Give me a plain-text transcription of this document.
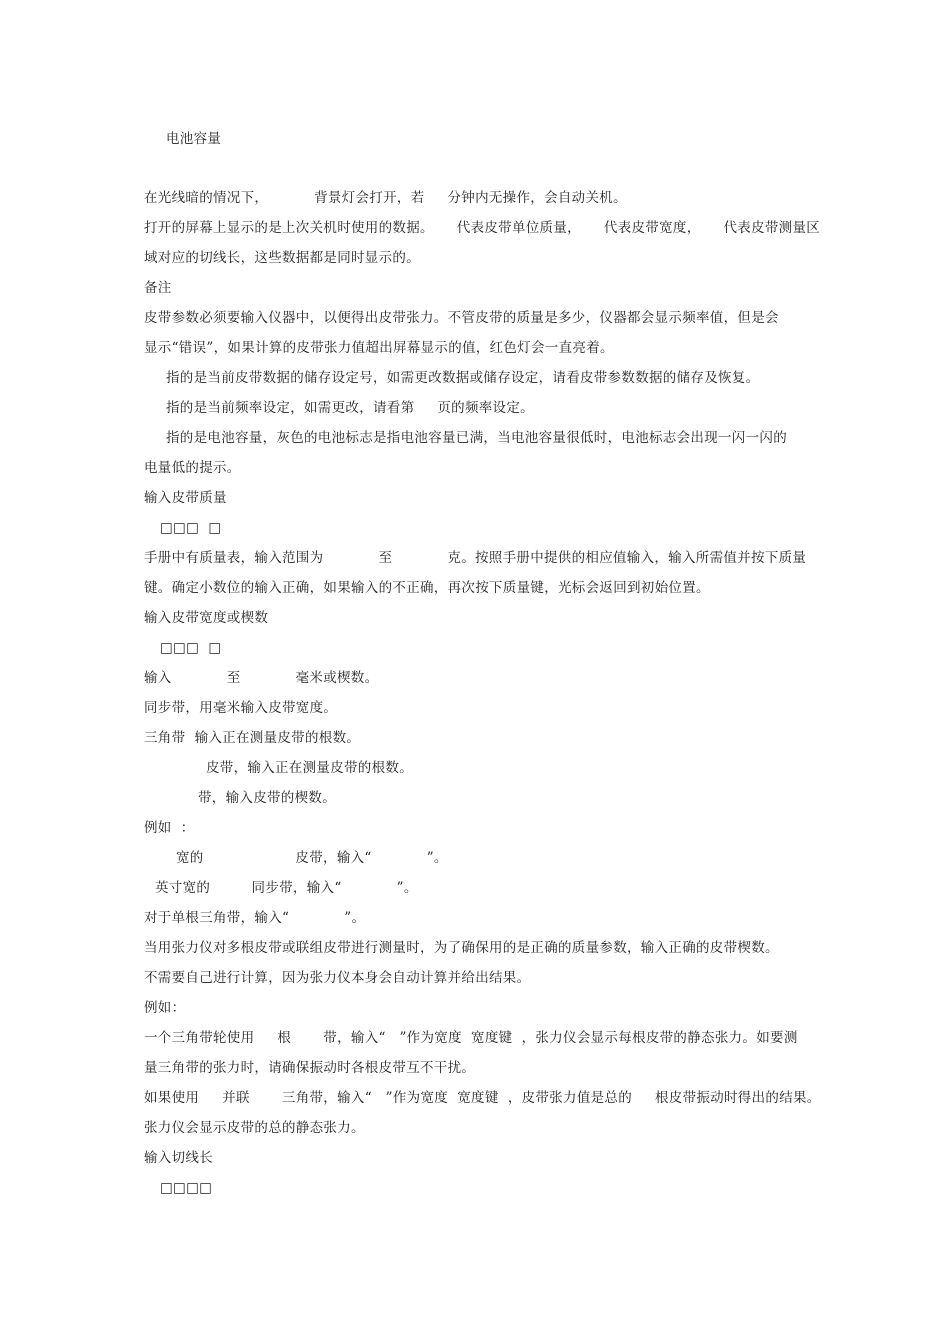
电池容量
在光线暗的情况下，          背景灯会打开，若     分钟内无操作，会自动关机。
打开的屏幕上显示的是上次关机时使用的数据。     代表皮带单位质量，     代表皮带宽度，     代表皮带测量区
域对应的切线长，这些数据都是同时显示的。
备注
皮带参数必须要输入仪器中，以便得出皮带张力。不管皮带的质量是多少，仪器都会显示频率值，但是会
显示“错误”，如果计算的皮带张力值超出屏幕显示的值，红色灯会一直亮着。
指的是当前皮带数据的储存设定号，如需更改数据或储存设定，请看皮带参数数据的储存及恢复。
指的是当前频率设定，如需更改，请看第     页的频率设定。
指的是电池容量，灰色的电池标志是指电池容量已满，当电池容量很低时，电池标志会出现一闪一闪的
电量低的提示。
输入皮带质量
□□□  □
手册中有质量表，输入范围为            至            克。按照手册中提供的相应值输入，输入所需值并按下质量
键。确定小数位的输入正确，如果输入的不正确，再次按下质量键，光标会返回到初始位置。
输入皮带宽度或楔数
□□□  □
输入            至            毫米或楔数。
同步带，用毫米输入皮带宽度。
三角带  输入正在测量皮带的根数。
皮带，输入正在测量皮带的根数。
带，输入皮带的楔数。
例如  ：
宽的                    皮带，输入“            ”。
英寸宽的         同步带，输入“            ”。
对于单根三角带，输入“            ”。
当用张力仪对多根皮带或联组皮带进行测量时，为了确保用的是正确的质量参数，输入正确的皮带楔数。
不需要自己进行计算，因为张力仪本身会自动计算并给出结果。
例如：
一个三角带轮使用     根       带，输入“   ”作为宽度  宽度键  ，张力仪会显示每根皮带的静态张力。如要测
量三角带的张力时，请确保振动时各根皮带互不干扰。
如果使用     并联       三角带，输入“   ”作为宽度  宽度键  ，皮带张力值是总的     根皮带振动时得出的结果。
张力仪会显示皮带的总的静态张力。
输入切线长
□□□□
